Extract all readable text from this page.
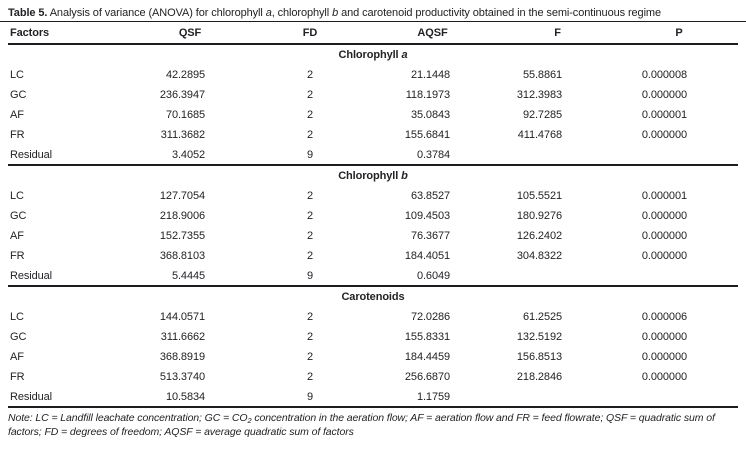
Table 5. Analysis of variance (ANOVA) for chlorophyll a, chlorophyll b and carotenoid productivity obtained in the semi-continuous regime
Factors	QSF	FD	AQSF	F	P
Chlorophyll a					
LC	42.2895	2	21.1448	55.8861	0.000008
GC	236.3947	2	118.1973	312.3983	0.000000
AF	70.1685	2	35.0843	92.7285	0.000001
FR	311.3682	2	155.6841	411.4768	0.000000
Residual	3.4052	9	0.3784		
Chlorophyll b					
LC	127.7054	2	63.8527	105.5521	0.000001
GC	218.9006	2	109.4503	180.9276	0.000000
AF	152.7355	2	76.3677	126.2402	0.000000
FR	368.8103	2	184.4051	304.8322	0.000000
Residual	5.4445	9	0.6049		
Carotenoids					
LC	144.0571	2	72.0286	61.2525	0.000006
GC	311.6662	2	155.8331	132.5192	0.000000
AF	368.8919	2	184.4459	156.8513	0.000000
FR	513.3740	2	256.6870	218.2846	0.000000
Residual	10.5834	9	1.1759		
Note: LC = Landfill leachate concentration; GC = $CO_2$ concentration in the aeration flow; AF = aeration flow and FR = feed flowrate; QSF = quadratic sum of factors; FD = degrees of freedom; AQSF = average quadratic sum of factors
